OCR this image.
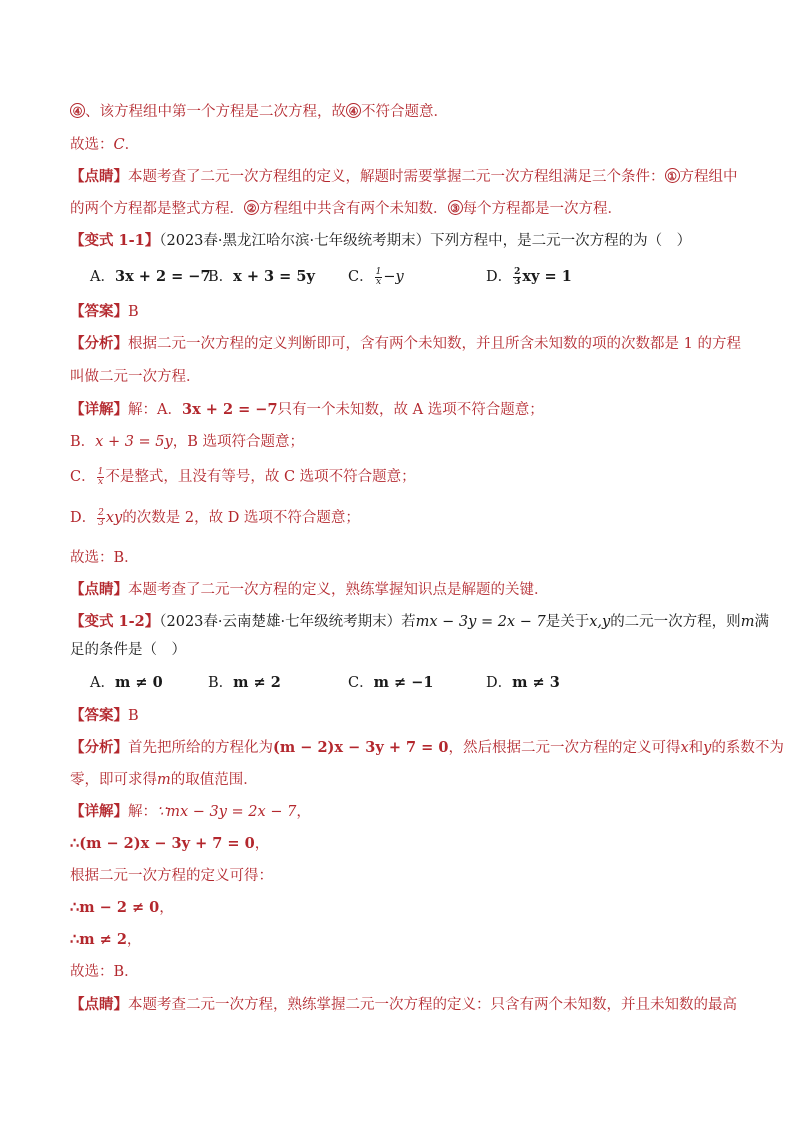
④ 、该方程组中第一个方程是二次方程，故 ④ 不符合题意．
故选：C．
【点睛】本题考查了二元一次方程组的定义，解题时需要掌握二元一次方程组满足三个条件： ① 方程组中
的两个方程都是整式方程． ② 方程组中共含有两个未知数． ③ 每个方程都是一次方程．
【变式 1-1】（2023春·黑龙江哈尔滨·七年级统考期末）下列方程中，是二元一次方程的为（　）
A．3x + 2 = −7
B．x + 3 = 5y C． $\frac{1}{x} -y$	D． $\frac{2}{3}$ xy = 1
【答案】B
【分析】根据二元一次方程的定义判断即可，含有两个未知数，并且所含未知数的项的次数都是 1 的方程
叫做二元一次方程．
【详解】解：A．3x + 2 = −7只有一个未知数，故 A 选项不符合题意；
B．x + 3 = 5y，B 选项符合题意；
C． $\frac{1}{x}$ 不是整式，且没有等号，故 C 选项不符合题意；
D． $\frac{2}{3}$ xy的次数是 2，故 D 选项不符合题意；
故选：B．
【点睛】本题考查了二元一次方程的定义，熟练掌握知识点是解题的关键．
【变式 1-2】（2023春·云南楚雄·七年级统考期末）若mx − 3y = 2x − 7是关于x,y的二元一次方程，则m满
足的条件是（　）
A．m ≠ 0	B．m ≠ 2	C．m ≠ −1	D．m ≠ 3
【答案】B
【分析】首先把所给的方程化为(m − 2)x − 3y + 7 = 0，然后根据二元一次方程的定义可得x和y的系数不为
零，即可求得m的取值范围．
【详解】解：∵mx − 3y = 2x − 7，
∴(m − 2)x − 3y + 7 = 0，
根据二元一次方程的定义可得：
∴m − 2 ≠ 0，
∴m ≠ 2，
故选：B．
【点睛】本题考查二元一次方程，熟练掌握二元一次方程的定义：只含有两个未知数，并且未知数的最高
